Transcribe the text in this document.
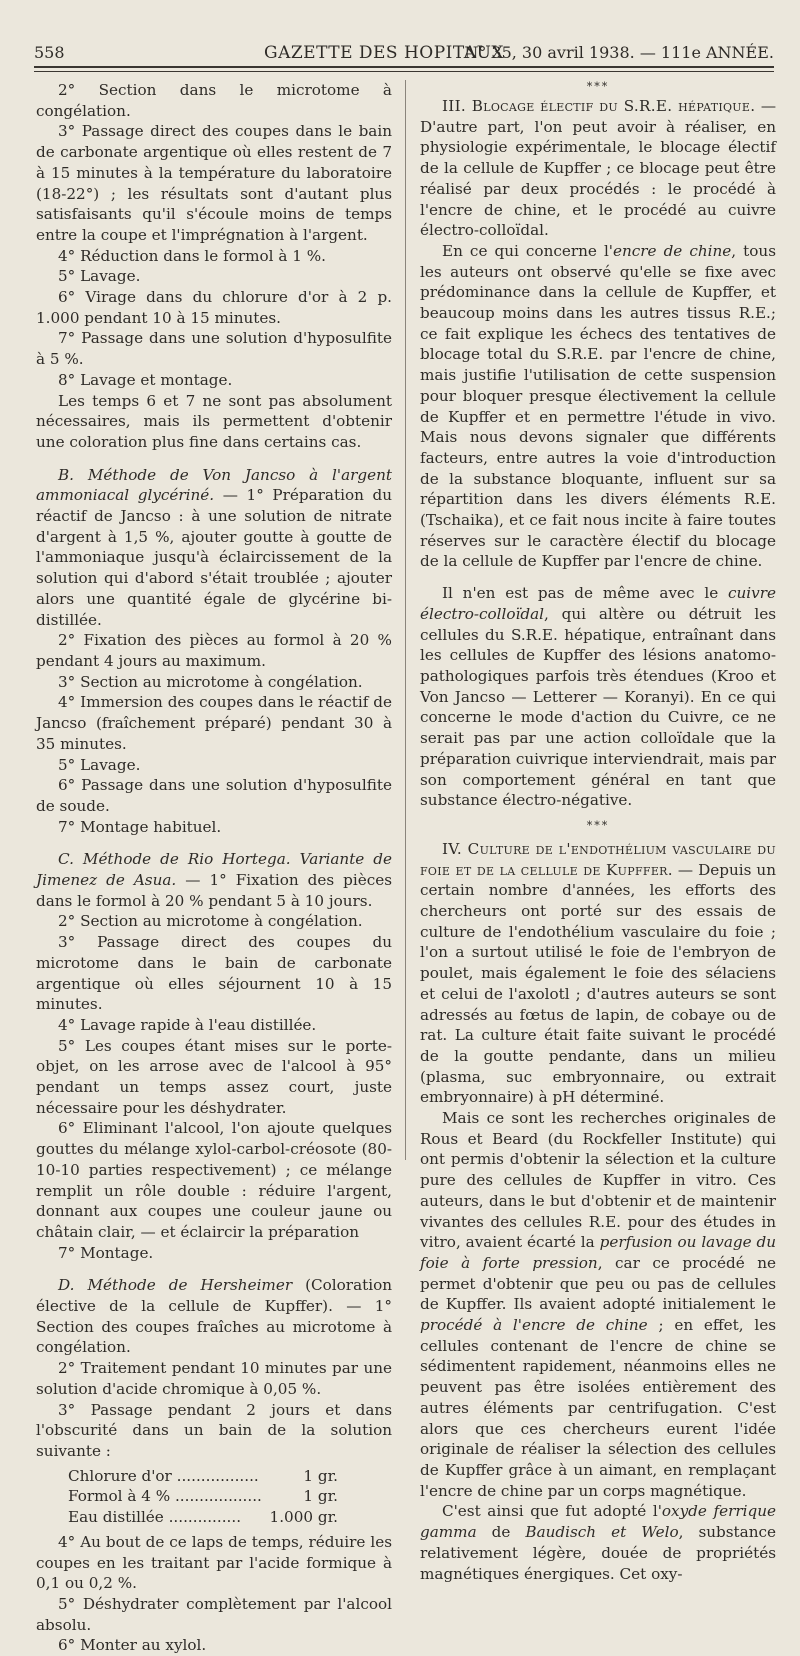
558	GAZETTE DES HOPITAUX
N° 35, 30 avril 1938. — 111e ANNÉE.

2° Section dans le microtome à congélation.

3° Passage direct des coupes dans le bain de carbonate argentique où elles restent de 7 à 15 minutes à la température du laboratoire (18-22°) ; les résultats sont d'autant plus satisfaisants qu'il s'écoule moins de temps entre la coupe et l'imprégnation à l'argent.

4° Réduction dans le formol à 1 %.

5° Lavage.

6° Virage dans du chlorure d'or à 2 p. 1.000 pendant 10 à 15 minutes.

7° Passage dans une solution d'hyposulfite à 5 %.

8° Lavage et montage.

Les temps 6 et 7 ne sont pas absolument nécessaires, mais ils permettent d'obtenir une coloration plus fine dans certains cas.

B. Méthode de Von Jancso à l'argent ammoniacal glycériné. — 1° Préparation du réactif de Jancso : à une solution de nitrate d'argent à 1,5 %, ajouter goutte à goutte de l'ammoniaque jusqu'à éclaircissement de la solution qui d'abord s'était troublée ; ajouter alors une quantité égale de glycérine bi-distillée.

2° Fixation des pièces au formol à 20 % pendant 4 jours au maximum.

3° Section au microtome à congélation.

4° Immersion des coupes dans le réactif de Jancso (fraîchement préparé) pendant 30 à 35 minutes.

5° Lavage.

6° Passage dans une solution d'hyposulfite de soude.

7° Montage habituel.

C. Méthode de Rio Hortega. Variante de Jimenez de Asua. — 1° Fixation des pièces dans le formol à 20 % pendant 5 à 10 jours.

2° Section au microtome à congélation.

3° Passage direct des coupes du microtome dans le bain de carbonate argentique où elles séjournent 10 à 15 minutes.

4° Lavage rapide à l'eau distillée.

5° Les coupes étant mises sur le porte-objet, on les arrose avec de l'alcool à 95° pendant un temps assez court, juste nécessaire pour les déshydrater.

6° Eliminant l'alcool, l'on ajoute quelques gouttes du mélange xylol-carbol-créosote (80-10-10 parties respectivement) ; ce mélange remplit un rôle double : réduire l'argent, donnant aux coupes une couleur jaune ou châtain clair, — et éclaircir la préparation

7° Montage.

D. Méthode de Hersheimer (Coloration élective de la cellule de Kupffer). — 1° Section des coupes fraîches au microtome à congélation.

2° Traitement pendant 10 minutes par une solution d'acide chromique à 0,05 %.

3° Passage pendant 2 jours et dans l'obscurité dans un bain de la solution suivante :

Chlorure d'or .................	1 gr.
Formol à 4 % ..................	1 gr.
Eau distillée ...............	1.000 gr.

4° Au bout de ce laps de temps, réduire les coupes en les traitant par l'acide formique à 0,1 ou 0,2 %.

5° Déshydrater complètement par l'alcool absolu.

6° Monter au xylol.

***

III. Blocage électif du S.R.E. hépatique. — D'autre part, l'on peut avoir à réaliser, en physiologie expérimentale, le blocage électif de la cellule de Kupffer ; ce blocage peut être réalisé par deux procédés : le procédé à l'encre de chine, et le procédé au cuivre électro-colloïdal.

En ce qui concerne l'encre de chine, tous les auteurs ont observé qu'elle se fixe avec prédominance dans la cellule de Kupffer, et beaucoup moins dans les autres tissus R.E.; ce fait explique les échecs des tentatives de blocage total du S.R.E. par l'encre de chine, mais justifie l'utilisation de cette suspension pour bloquer presque électivement la cellule de Kupffer et en permettre l'étude in vivo. Mais nous devons signaler que différents facteurs, entre autres la voie d'introduction de la substance bloquante, influent sur sa répartition dans les divers éléments R.E. (Tschaika), et ce fait nous incite à faire toutes réserves sur le caractère électif du blocage de la cellule de Kupffer par l'encre de chine.

Il n'en est pas de même avec le cuivre électro-colloïdal, qui altère ou détruit les cellules du S.R.E. hépatique, entraînant dans les cellules de Kupffer des lésions anatomo-pathologiques parfois très étendues (Kroo et Von Jancso — Letterer — Koranyi). En ce qui concerne le mode d'action du Cuivre, ce ne serait pas par une action colloïdale que la préparation cuivrique interviendrait, mais par son comportement général en tant que substance électro-négative.

***

IV. Culture de l'endothélium vasculaire du foie et de la cellule de Kupffer. — Depuis un certain nombre d'années, les efforts des chercheurs ont porté sur des essais de culture de l'endothélium vasculaire du foie ; l'on a surtout utilisé le foie de l'embryon de poulet, mais également le foie des sélaciens et celui de l'axolotl ; d'autres auteurs se sont adressés au fœtus de lapin, de cobaye ou de rat. La culture était faite suivant le procédé de la goutte pendante, dans un milieu (plasma, suc embryonnaire, ou extrait embryonnaire) à pH déterminé.

Mais ce sont les recherches originales de Rous et Beard (du Rockfeller Institute) qui ont permis d'obtenir la sélection et la culture pure des cellules de Kupffer in vitro. Ces auteurs, dans le but d'obtenir et de maintenir vivantes des cellules R.E. pour des études in vitro, avaient écarté la perfusion ou lavage du foie à forte pression, car ce procédé ne permet d'obtenir que peu ou pas de cellules de Kupffer. Ils avaient adopté initialement le procédé à l'encre de chine ; en effet, les cellules contenant de l'encre de chine se sédimentent rapidement, néanmoins elles ne peuvent pas être isolées entièrement des autres éléments par centrifugation. C'est alors que ces chercheurs eurent l'idée originale de réaliser la sélection des cellules de Kupffer grâce à un aimant, en remplaçant l'encre de chine par un corps magnétique.

C'est ainsi que fut adopté l'oxyde ferrique gamma de Baudisch et Welo, substance relativement légère, douée de propriétés magnétiques énergiques. Cet oxy-
